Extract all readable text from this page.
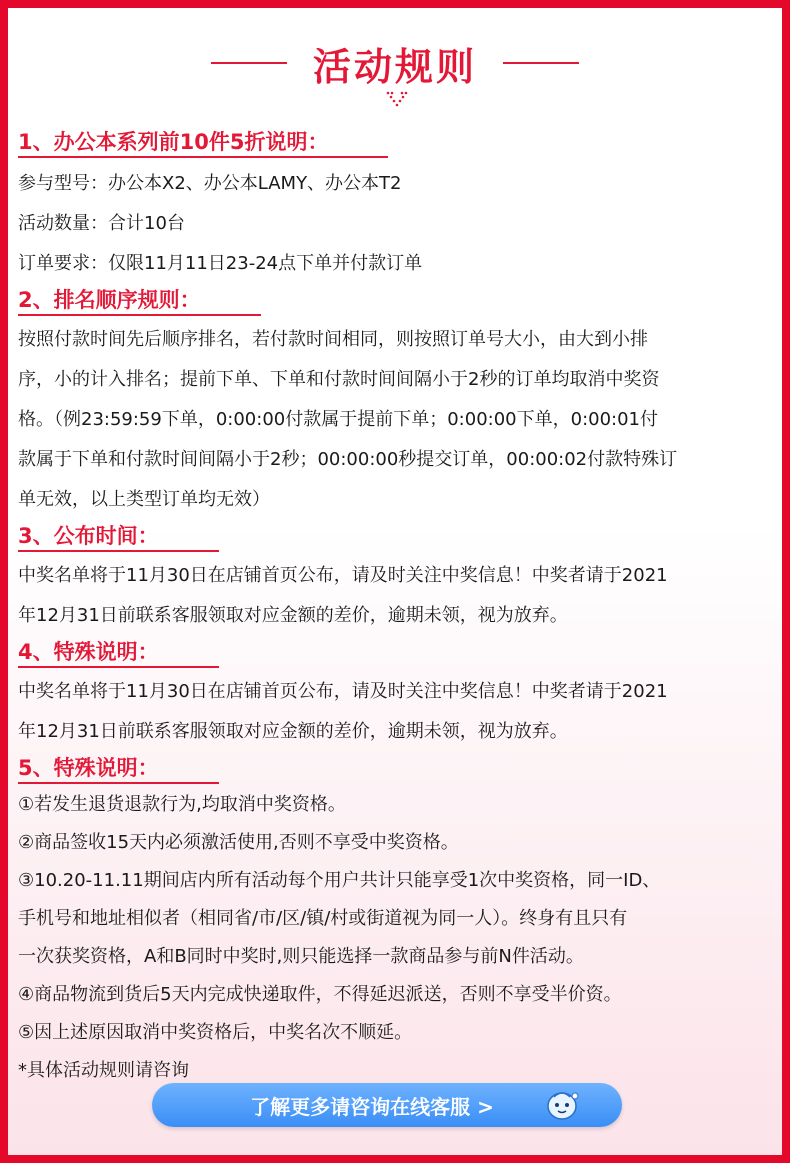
活动规则
1、办公本系列前10件5折说明：
参与型号：办公本X2、办公本LAMY、办公本T2
活动数量：合计10台
订单要求：仅限11月11日23-24点下单并付款订单
2、排名顺序规则：
按照付款时间先后顺序排名，若付款时间相同，则按照订单号大小，由大到小排
序，小的计入排名；提前下单、下单和付款时间间隔小于2秒的订单均取消中奖资
格。（例23:59:59下单，0:00:00付款属于提前下单；0:00:00下单，0:00:01付
款属于下单和付款时间间隔小于2秒；00:00:00秒提交订单，00:00:02付款特殊订
单无效，以上类型订单均无效）
3、公布时间：
中奖名单将于11月30日在店铺首页公布，请及时关注中奖信息！中奖者请于2021
年12月31日前联系客服领取对应金额的差价，逾期未领，视为放弃。
4、特殊说明：
中奖名单将于11月30日在店铺首页公布，请及时关注中奖信息！中奖者请于2021
年12月31日前联系客服领取对应金额的差价，逾期未领，视为放弃。
5、特殊说明：
①若发生退货退款行为,均取消中奖资格。
②商品签收15天内必须激活使用,否则不享受中奖资格。
③10.20-11.11期间店内所有活动每个用户共计只能享受1次中奖资格，同一ID、
手机号和地址相似者（相同省/市/区/镇/村或街道视为同一人）。终身有且只有
一次获奖资格，A和B同时中奖时,则只能选择一款商品参与前N件活动。
④商品物流到货后5天内完成快递取件，不得延迟派送，否则不享受半价资。
⑤因上述原因取消中奖资格后，中奖名次不顺延。
*具体活动规则请咨询
了解更多请咨询在线客服 >
